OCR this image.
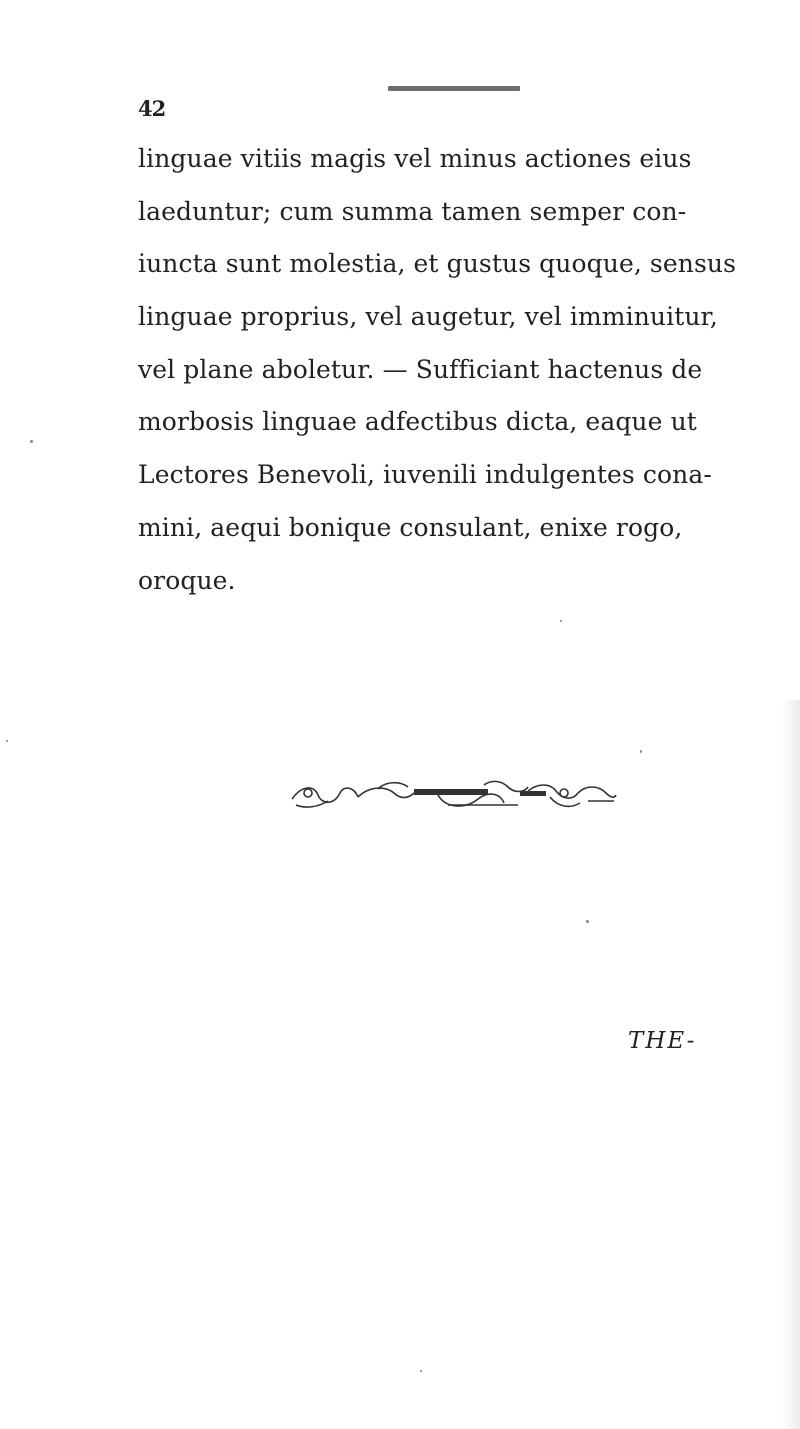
42
linguae vitiis magis vel minus actiones eius
laeduntur; cum summa tamen semper con-
iuncta sunt molestia, et gustus quoque, sensus
linguae proprius, vel augetur, vel imminuitur,
vel plane aboletur. — Sufficiant hactenus de
morbosis linguae adfectibus dicta, eaque ut
Lectores Benevoli, iuvenili indulgentes cona-
mini, aequi bonique consulant, enixe rogo,
oroque.
THE-
